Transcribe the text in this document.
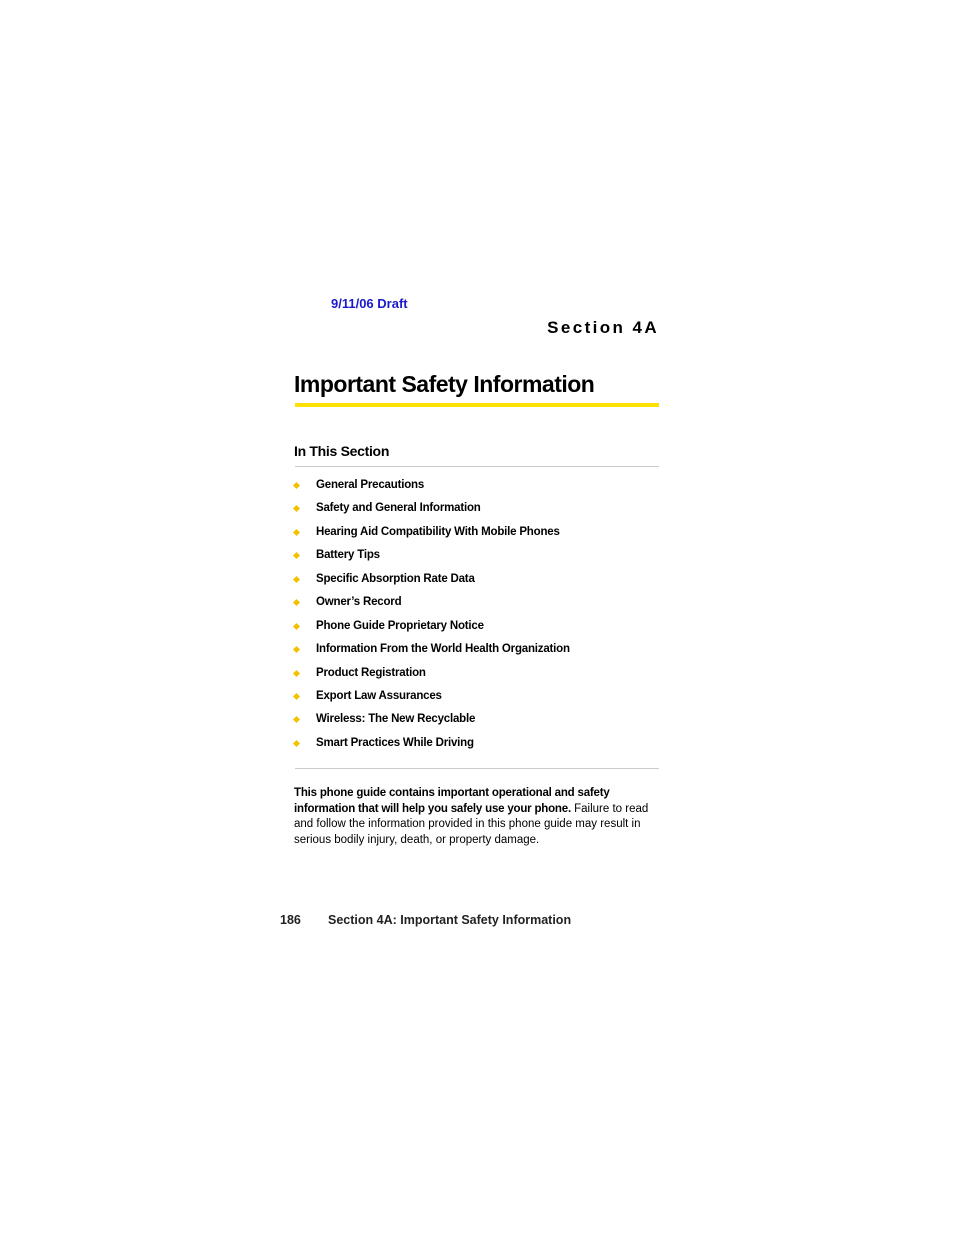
9/11/06 Draft
Section 4A
Important Safety Information
In This Section
General Precautions
Safety and General Information
Hearing Aid Compatibility With Mobile Phones
Battery Tips
Specific Absorption Rate Data
Owner’s Record
Phone Guide Proprietary Notice
Information From the World Health Organization
Product Registration
Export Law Assurances
Wireless: The New Recyclable
Smart Practices While Driving

This phone guide contains important operational and safety information that will help you safely use your phone. Failure to read and follow the information provided in this phone guide may result in serious bodily injury, death, or property damage.

186 Section 4A: Important Safety Information
